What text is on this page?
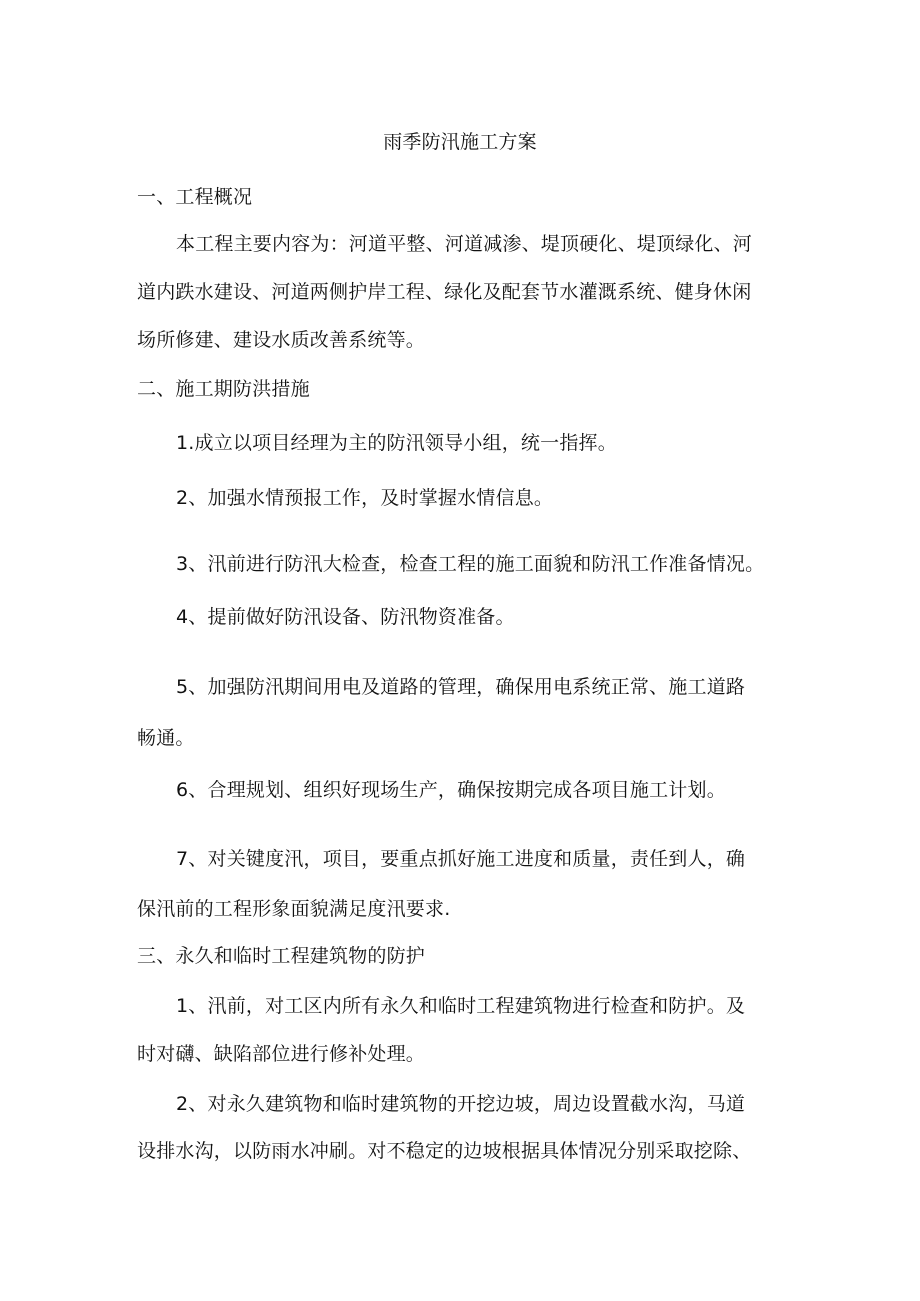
雨季防汛施工方案
一、工程概况
本工程主要内容为：河道平整、河道减渗、堤顶硬化、堤顶绿化、河
道内跌水建设、河道两侧护岸工程、绿化及配套节水灌溉系统、健身休闲
场所修建、建设水质改善系统等。
二、施工期防洪措施
1.成立以项目经理为主的防汛领导小组，统一指挥。
2、加强水情预报工作，及时掌握水情信息。
3、汛前进行防汛大检查，检查工程的施工面貌和防汛工作准备情况。
4、提前做好防汛设备、防汛物资准备。
5、加强防汛期间用电及道路的管理，确保用电系统正常、施工道路
畅通。
6、合理规划、组织好现场生产，确保按期完成各项目施工计划。
7、对关键度汛，项目，要重点抓好施工进度和质量，责任到人，确
保汛前的工程形象面貌满足度汛要求.
三、永久和临时工程建筑物的防护
1、汛前，对工区内所有永久和临时工程建筑物进行检查和防护。及
时对礴、缺陷部位进行修补处理。
2、对永久建筑物和临时建筑物的开挖边坡，周边设置截水沟，马道
设排水沟，以防雨水冲刷。对不稳定的边坡根据具体情况分别采取挖除、
